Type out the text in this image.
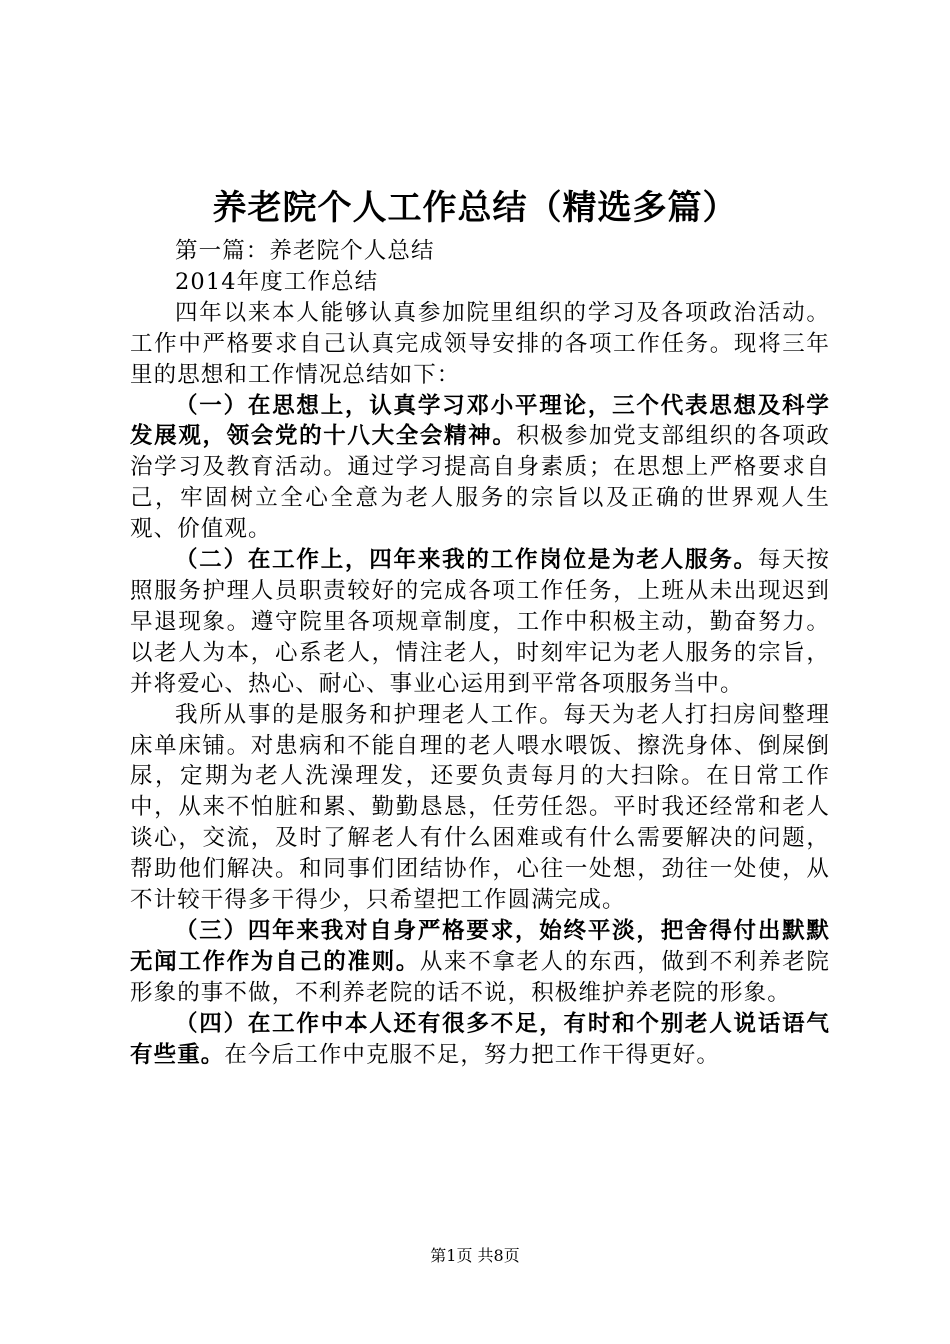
养老院个人工作总结（精选多篇）

第一篇：养老院个人总结

2014年度工作总结

四年以来本人能够认真参加院里组织的学习及各项政治活动。工作中严格要求自己认真完成领导安排的各项工作任务。现将三年里的思想和工作情况总结如下：

（一）在思想上，认真学习邓小平理论，三个代表思想及科学发展观，领会党的十八大全会精神。积极参加党支部组织的各项政治学习及教育活动。通过学习提高自身素质；在思想上严格要求自己，牢固树立全心全意为老人服务的宗旨以及正确的世界观人生观、价值观。

（二）在工作上，四年来我的工作岗位是为老人服务。每天按照服务护理人员职责较好的完成各项工作任务，上班从未出现迟到早退现象。遵守院里各项规章制度，工作中积极主动，勤奋努力。以老人为本，心系老人，情注老人，时刻牢记为老人服务的宗旨，并将爱心、热心、耐心、事业心运用到平常各项服务当中。

我所从事的是服务和护理老人工作。每天为老人打扫房间整理床单床铺。对患病和不能自理的老人喂水喂饭、擦洗身体、倒屎倒尿，定期为老人洗澡理发，还要负责每月的大扫除。在日常工作中，从来不怕脏和累、勤勤恳恳，任劳任怨。平时我还经常和老人谈心，交流，及时了解老人有什么困难或有什么需要解决的问题，帮助他们解决。和同事们团结协作，心往一处想，劲往一处使，从不计较干得多干得少，只希望把工作圆满完成。

（三）四年来我对自身严格要求，始终平淡，把舍得付出默默无闻工作作为自己的准则。从来不拿老人的东西，做到不利养老院形象的事不做，不利养老院的话不说，积极维护养老院的形象。

（四）在工作中本人还有很多不足，有时和个别老人说话语气有些重。在今后工作中克服不足，努力把工作干得更好。

第1页 共8页
